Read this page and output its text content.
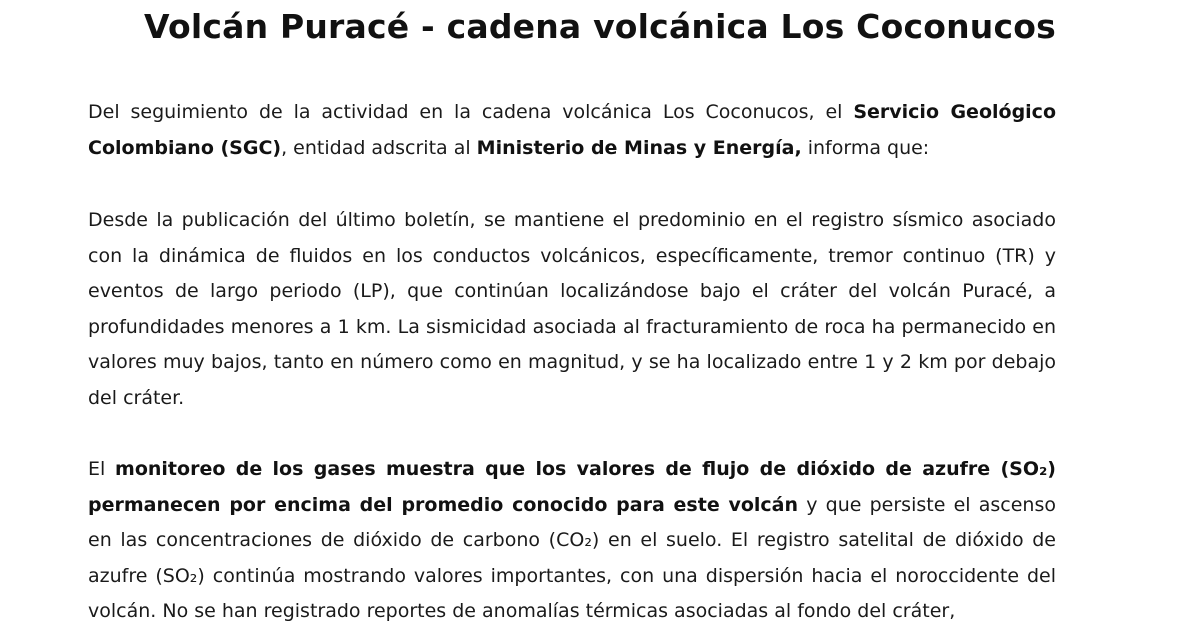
Volcán Puracé - cadena volcánica Los Coconucos

Del seguimiento de la actividad en la cadena volcánica Los Coconucos, el Servicio Geológico Colombiano (SGC), entidad adscrita al Ministerio de Minas y Energía, informa que:

Desde la publicación del último boletín, se mantiene el predominio en el registro sísmico asociado con la dinámica de fluidos en los conductos volcánicos, específicamente, tremor continuo (TR) y eventos de largo periodo (LP), que continúan localizándose bajo el cráter del volcán Puracé, a profundidades menores a 1 km. La sismicidad asociada al fracturamiento de roca ha permanecido en valores muy bajos, tanto en número como en magnitud, y se ha localizado entre 1 y 2 km por debajo del cráter.

El monitoreo de los gases muestra que los valores de flujo de dióxido de azufre (SO₂) permanecen por encima del promedio conocido para este volcán y que persiste el ascenso en las concentraciones de dióxido de carbono (CO₂) en el suelo. El registro satelital de dióxido de azufre (SO₂) continúa mostrando valores importantes, con una dispersión hacia el noroccidente del volcán. No se han registrado reportes de anomalías térmicas asociadas al fondo del cráter,
